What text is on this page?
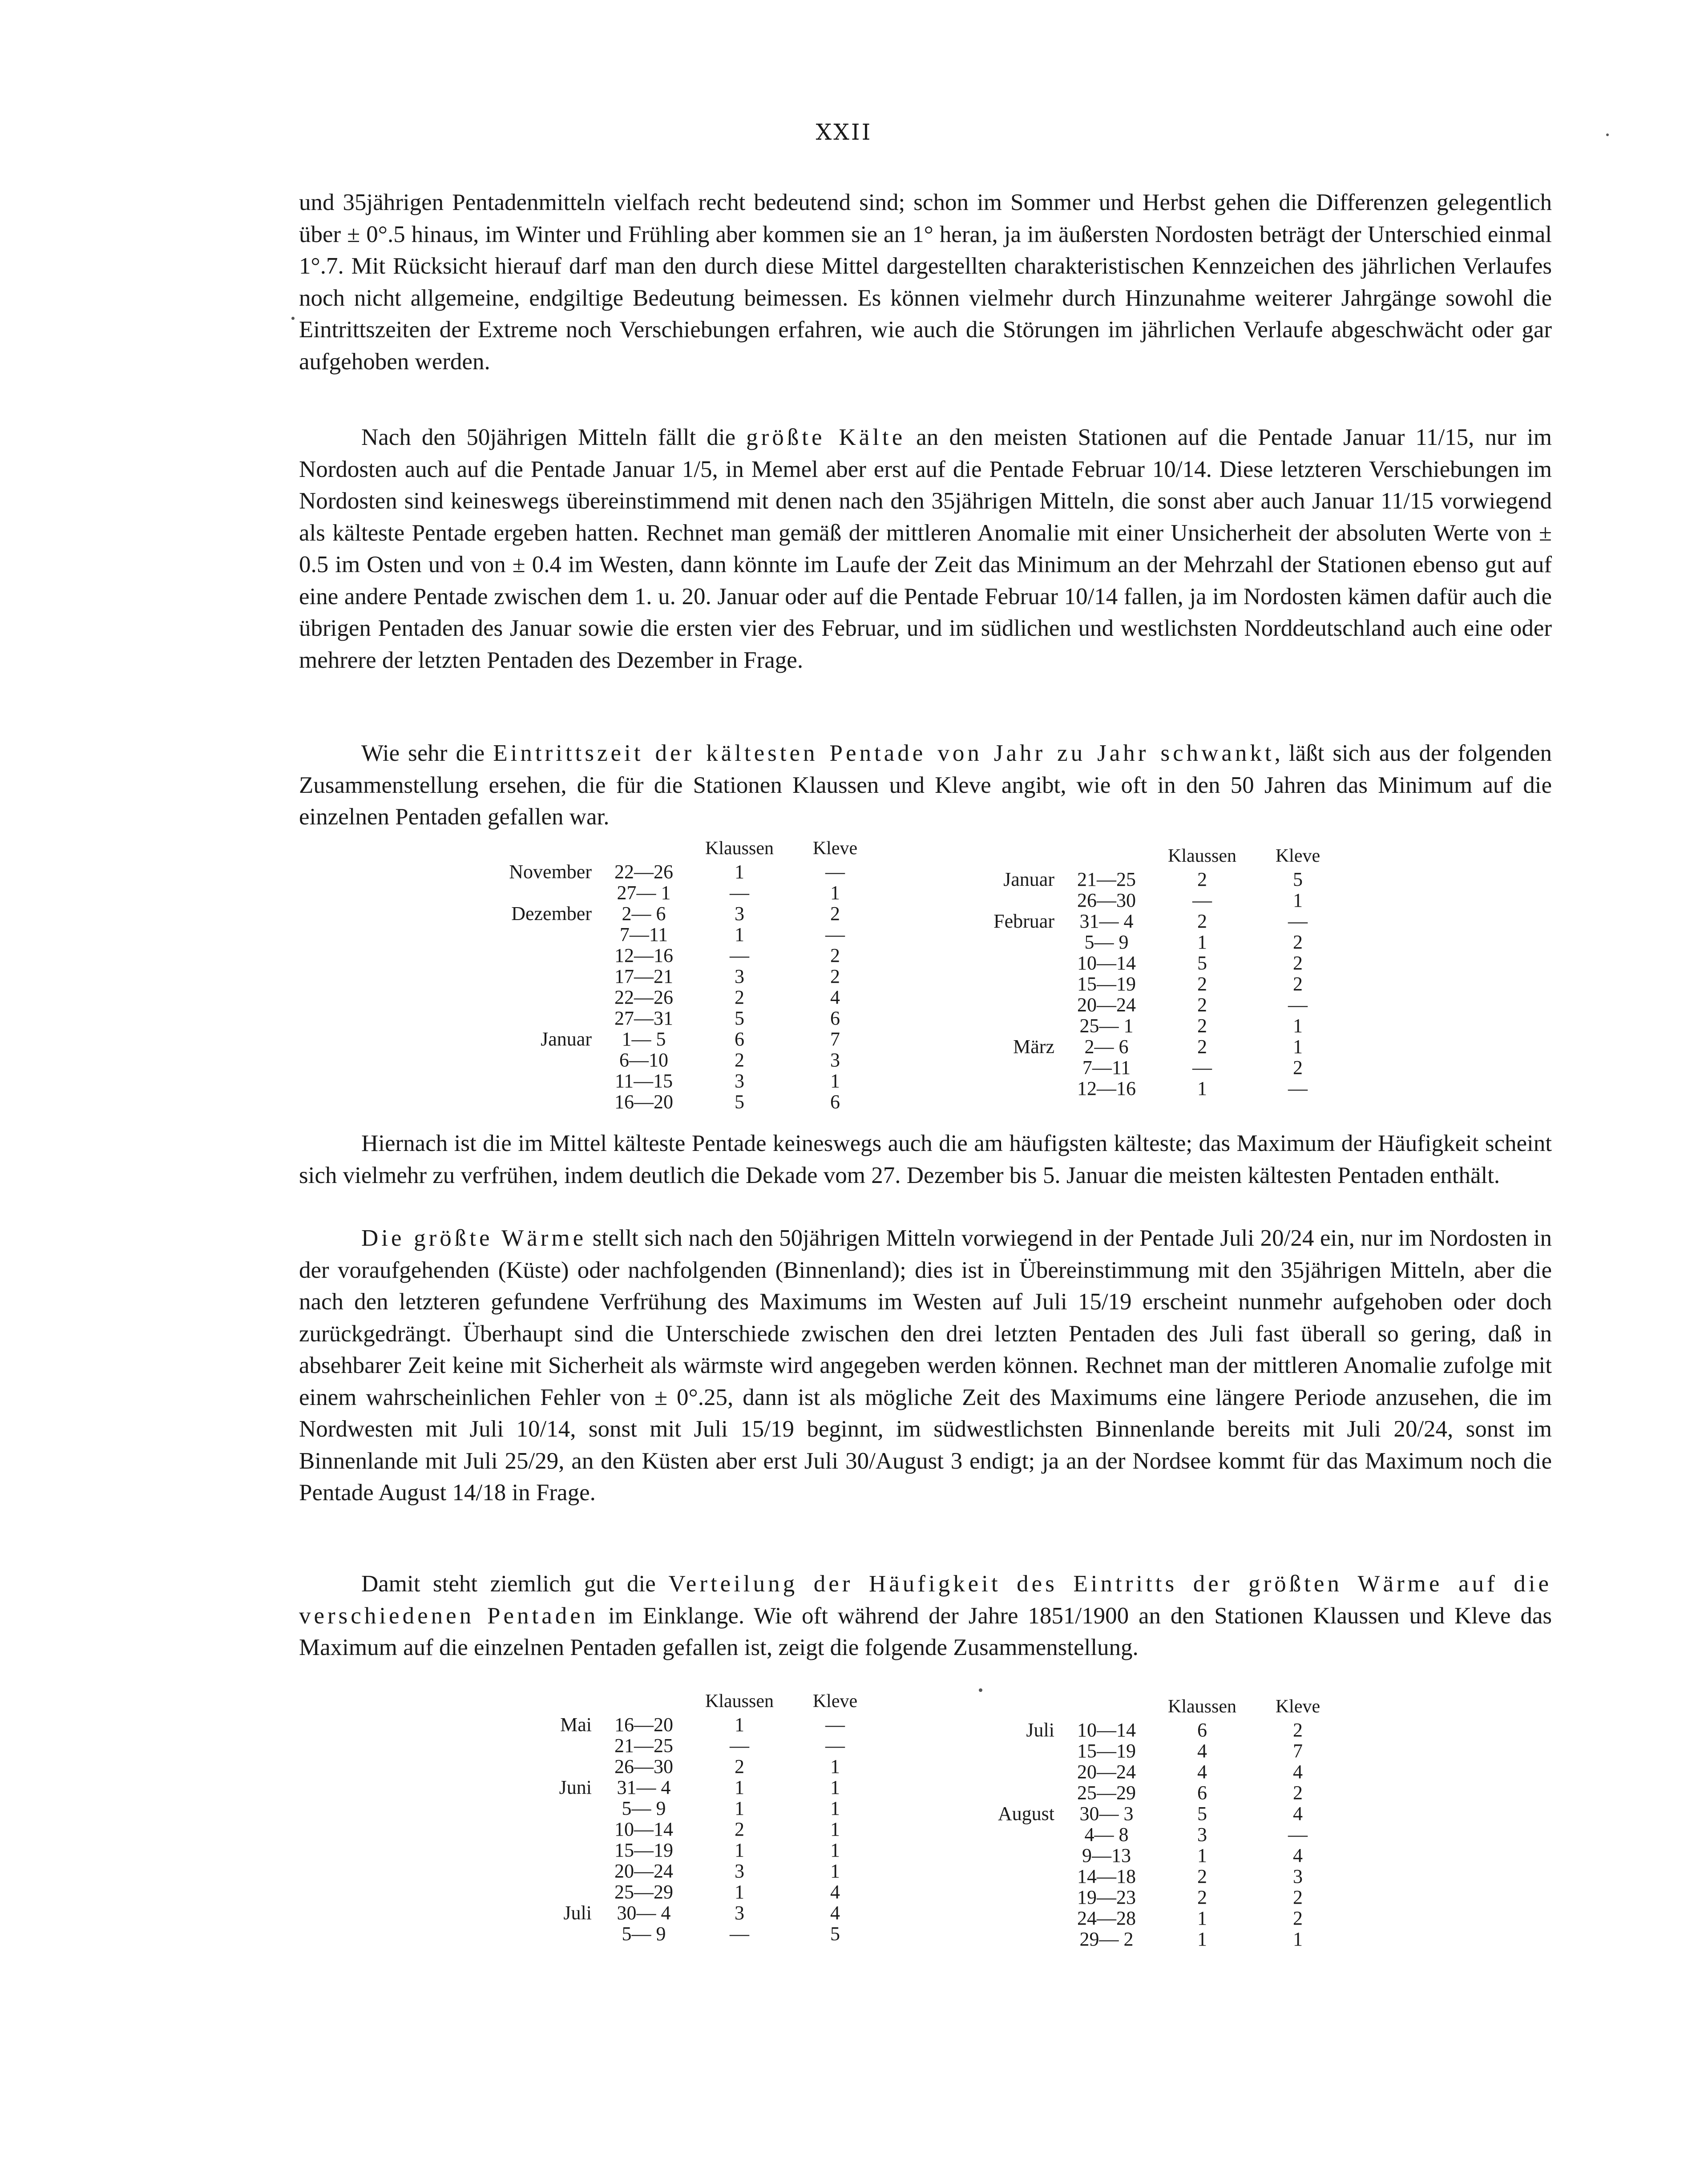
XXII

und 35jährigen Pentadenmitteln vielfach recht bedeutend sind; schon im Sommer und Herbst gehen die Differenzen gelegentlich über ± 0°.5 hinaus, im Winter und Frühling aber kommen sie an 1° heran, ja im äußersten Nordosten beträgt der Unterschied einmal 1°.7. Mit Rücksicht hierauf darf man den durch diese Mittel dargestellten charakteristischen Kennzeichen des jährlichen Verlaufes noch nicht allgemeine, endgiltige Bedeutung beimessen. Es können vielmehr durch Hinzunahme weiterer Jahrgänge sowohl die Eintrittszeiten der Extreme noch Verschiebungen erfahren, wie auch die Störungen im jährlichen Verlaufe abgeschwächt oder gar aufgehoben werden.

Nach den 50jährigen Mitteln fällt die größte Kälte an den meisten Stationen auf die Pentade Januar 11/15, nur im Nordosten auch auf die Pentade Januar 1/5, in Memel aber erst auf die Pentade Februar 10/14. Diese letzteren Verschiebungen im Nordosten sind keineswegs übereinstimmend mit denen nach den 35jährigen Mitteln, die sonst aber auch Januar 11/15 vorwiegend als kälteste Pentade ergeben hatten. Rechnet man gemäß der mittleren Anomalie mit einer Unsicherheit der absoluten Werte von ± 0.5 im Osten und von ± 0.4 im Westen, dann könnte im Laufe der Zeit das Minimum an der Mehrzahl der Stationen ebenso gut auf eine andere Pentade zwischen dem 1. u. 20. Januar oder auf die Pentade Februar 10/14 fallen, ja im Nordosten kämen dafür auch die übrigen Pentaden des Januar sowie die ersten vier des Februar, und im südlichen und westlichsten Norddeutschland auch eine oder mehrere der letzten Pentaden des Dezember in Frage.

Wie sehr die Eintrittszeit der kältesten Pentade von Jahr zu Jahr schwankt, läßt sich aus der folgenden Zusammenstellung ersehen, die für die Stationen Klaussen und Kleve angibt, wie oft in den 50 Jahren das Minimum auf die einzelnen Pentaden gefallen war.

		Klaussen	Kleve
November	22—26	1	—
	27— 1	—	1
Dezember	2— 6	3	2
	7—11	1	—
	12—16	—	2
	17—21	3	2
	22—26	2	4
	27—31	5	6
Januar	1— 5	6	7
	6—10	2	3
	11—15	3	1
	16—20	5	6
		Klaussen	Kleve
Januar	21—25	2	5
	26—30	—	1
Februar	31— 4	2	—
	5— 9	1	2
	10—14	5	2
	15—19	2	2
	20—24	2	—
	25— 1	2	1
März	2— 6	2	1
	7—11	—	2
	12—16	1	—

Hiernach ist die im Mittel kälteste Pentade keineswegs auch die am häufigsten kälteste; das Maximum der Häufigkeit scheint sich vielmehr zu verfrühen, indem deutlich die Dekade vom 27. Dezember bis 5. Januar die meisten kältesten Pentaden enthält.

Die größte Wärme stellt sich nach den 50jährigen Mitteln vorwiegend in der Pentade Juli 20/24 ein, nur im Nordosten in der voraufgehenden (Küste) oder nachfolgenden (Binnenland); dies ist in Übereinstimmung mit den 35jährigen Mitteln, aber die nach den letzteren gefundene Verfrühung des Maximums im Westen auf Juli 15/19 erscheint nunmehr aufgehoben oder doch zurückgedrängt. Überhaupt sind die Unterschiede zwischen den drei letzten Pentaden des Juli fast überall so gering, daß in absehbarer Zeit keine mit Sicherheit als wärmste wird angegeben werden können. Rechnet man der mittleren Anomalie zufolge mit einem wahrscheinlichen Fehler von ± 0°.25, dann ist als mögliche Zeit des Maximums eine längere Periode anzusehen, die im Nordwesten mit Juli 10/14, sonst mit Juli 15/19 beginnt, im südwestlichsten Binnenlande bereits mit Juli 20/24, sonst im Binnenlande mit Juli 25/29, an den Küsten aber erst Juli 30/August 3 endigt; ja an der Nordsee kommt für das Maximum noch die Pentade August 14/18 in Frage.

Damit steht ziemlich gut die Verteilung der Häufigkeit des Eintritts der größten Wärme auf die verschiedenen Pentaden im Einklange. Wie oft während der Jahre 1851/1900 an den Stationen Klaussen und Kleve das Maximum auf die einzelnen Pentaden gefallen ist, zeigt die folgende Zusammenstellung.

		Klaussen	Kleve
Mai	16—20	1	—
	21—25	—	—
	26—30	2	1
Juni	31— 4	1	1
	5— 9	1	1
	10—14	2	1
	15—19	1	1
	20—24	3	1
	25—29	1	4
Juli	30— 4	3	4
	5— 9	—	5
		Klaussen	Kleve
Juli	10—14	6	2
	15—19	4	7
	20—24	4	4
	25—29	6	2
August	30— 3	5	4
	4— 8	3	—
	9—13	1	4
	14—18	2	3
	19—23	2	2
	24—28	1	2
	29— 2	1	1
